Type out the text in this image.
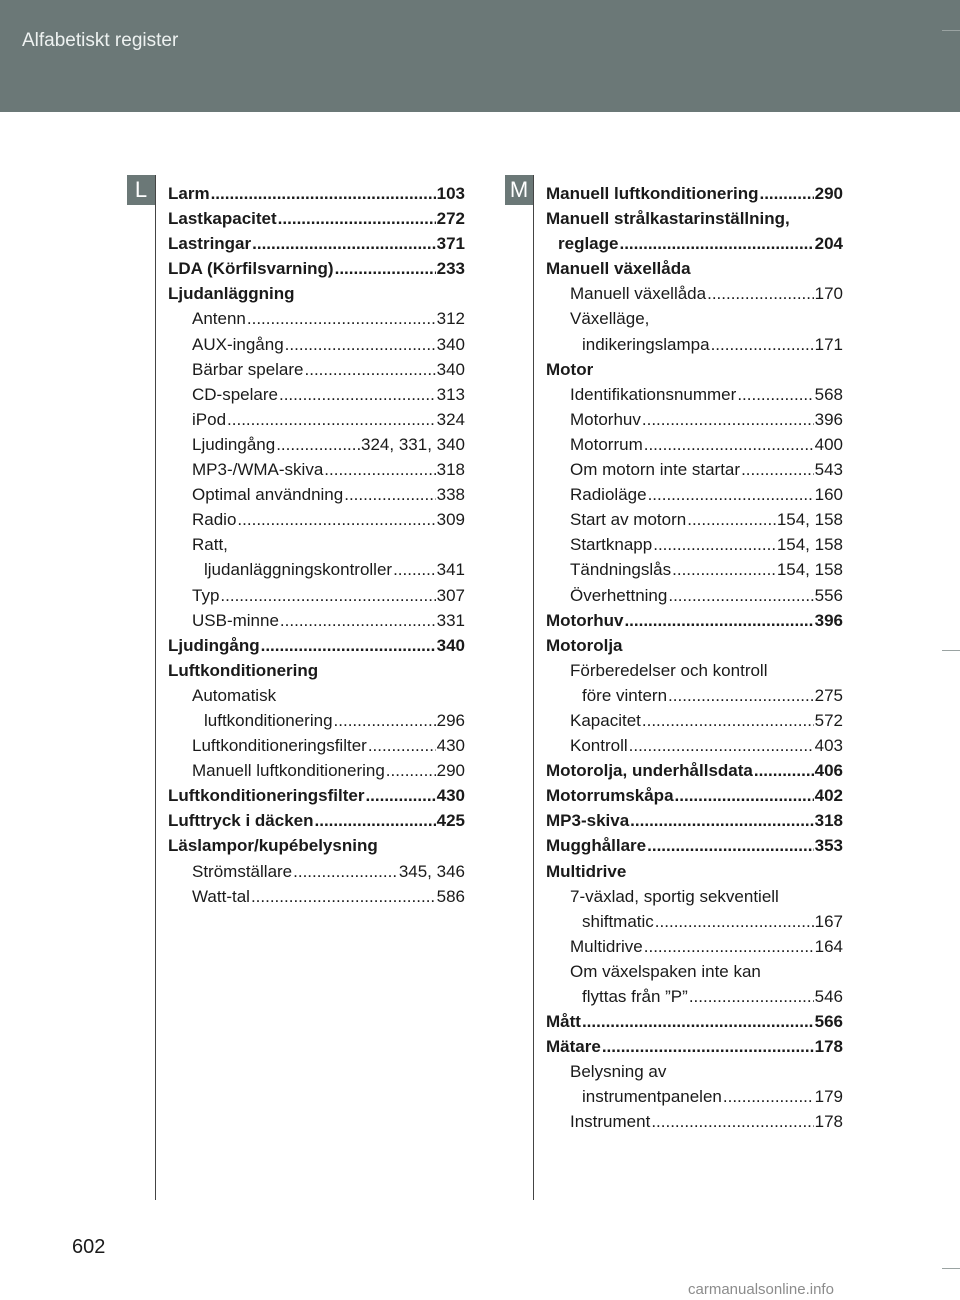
Alfabetiskt register
L	M
Larm .....	103
Lastkapacitet .....	272
Lastringar .....	371
LDA (Körfilsvarning) .....	233
Ljudanläggning
Antenn .....	312
AUX-ingång .....	340
Bärbar spelare .....	340
CD-spelare .....	313
iPod .....	324
Ljudingång .....	324, 331, 340
MP3-/WMA-skiva .....	318
Optimal användning .....	338
Radio .....	309
Ratt,
ljudanläggningskontroller .....	341
Typ .....	307
USB-minne .....	331
Ljudingång .....	340
Luftkonditionering
Automatisk
luftkonditionering .....	296
Luftkonditioneringsfilter .....	430
Manuell luftkonditionering .....	290
Luftkonditioneringsfilter .....	430
Lufttryck i däcken .....	425
Läslampor/kupébelysning
Strömställare .....	345, 346
Watt-tal .....	586
Manuell luftkonditionering .....	290
Manuell strålkastarinställning,
reglage .....	204
Manuell växellåda
Manuell växellåda .....	170
Växelläge,
indikeringslampa .....	171
Motor
Identifikationsnummer .....	568
Motorhuv .....	396
Motorrum .....	400
Om motorn inte startar .....	543
Radioläge .....	160
Start av motorn .....	154, 158
Startknapp .....	154, 158
Tändningslås .....	154, 158
Överhettning .....	556
Motorhuv .....	396
Motorolja
Förberedelser och kontroll
före vintern .....	275
Kapacitet .....	572
Kontroll .....	403
Motorolja, underhållsdata .....	406
Motorrumskåpa .....	402
MP3-skiva .....	318
Mugghållare .....	353
Multidrive
7-växlad, sportig sekventiell
shiftmatic .....	167
Multidrive .....	164
Om växelspaken inte kan
flyttas från ”P” .....	546
Mått .....	566
Mätare .....	178
Belysning av
instrumentpanelen .....	179
Instrument .....	178
602
carmanualsonline.info
